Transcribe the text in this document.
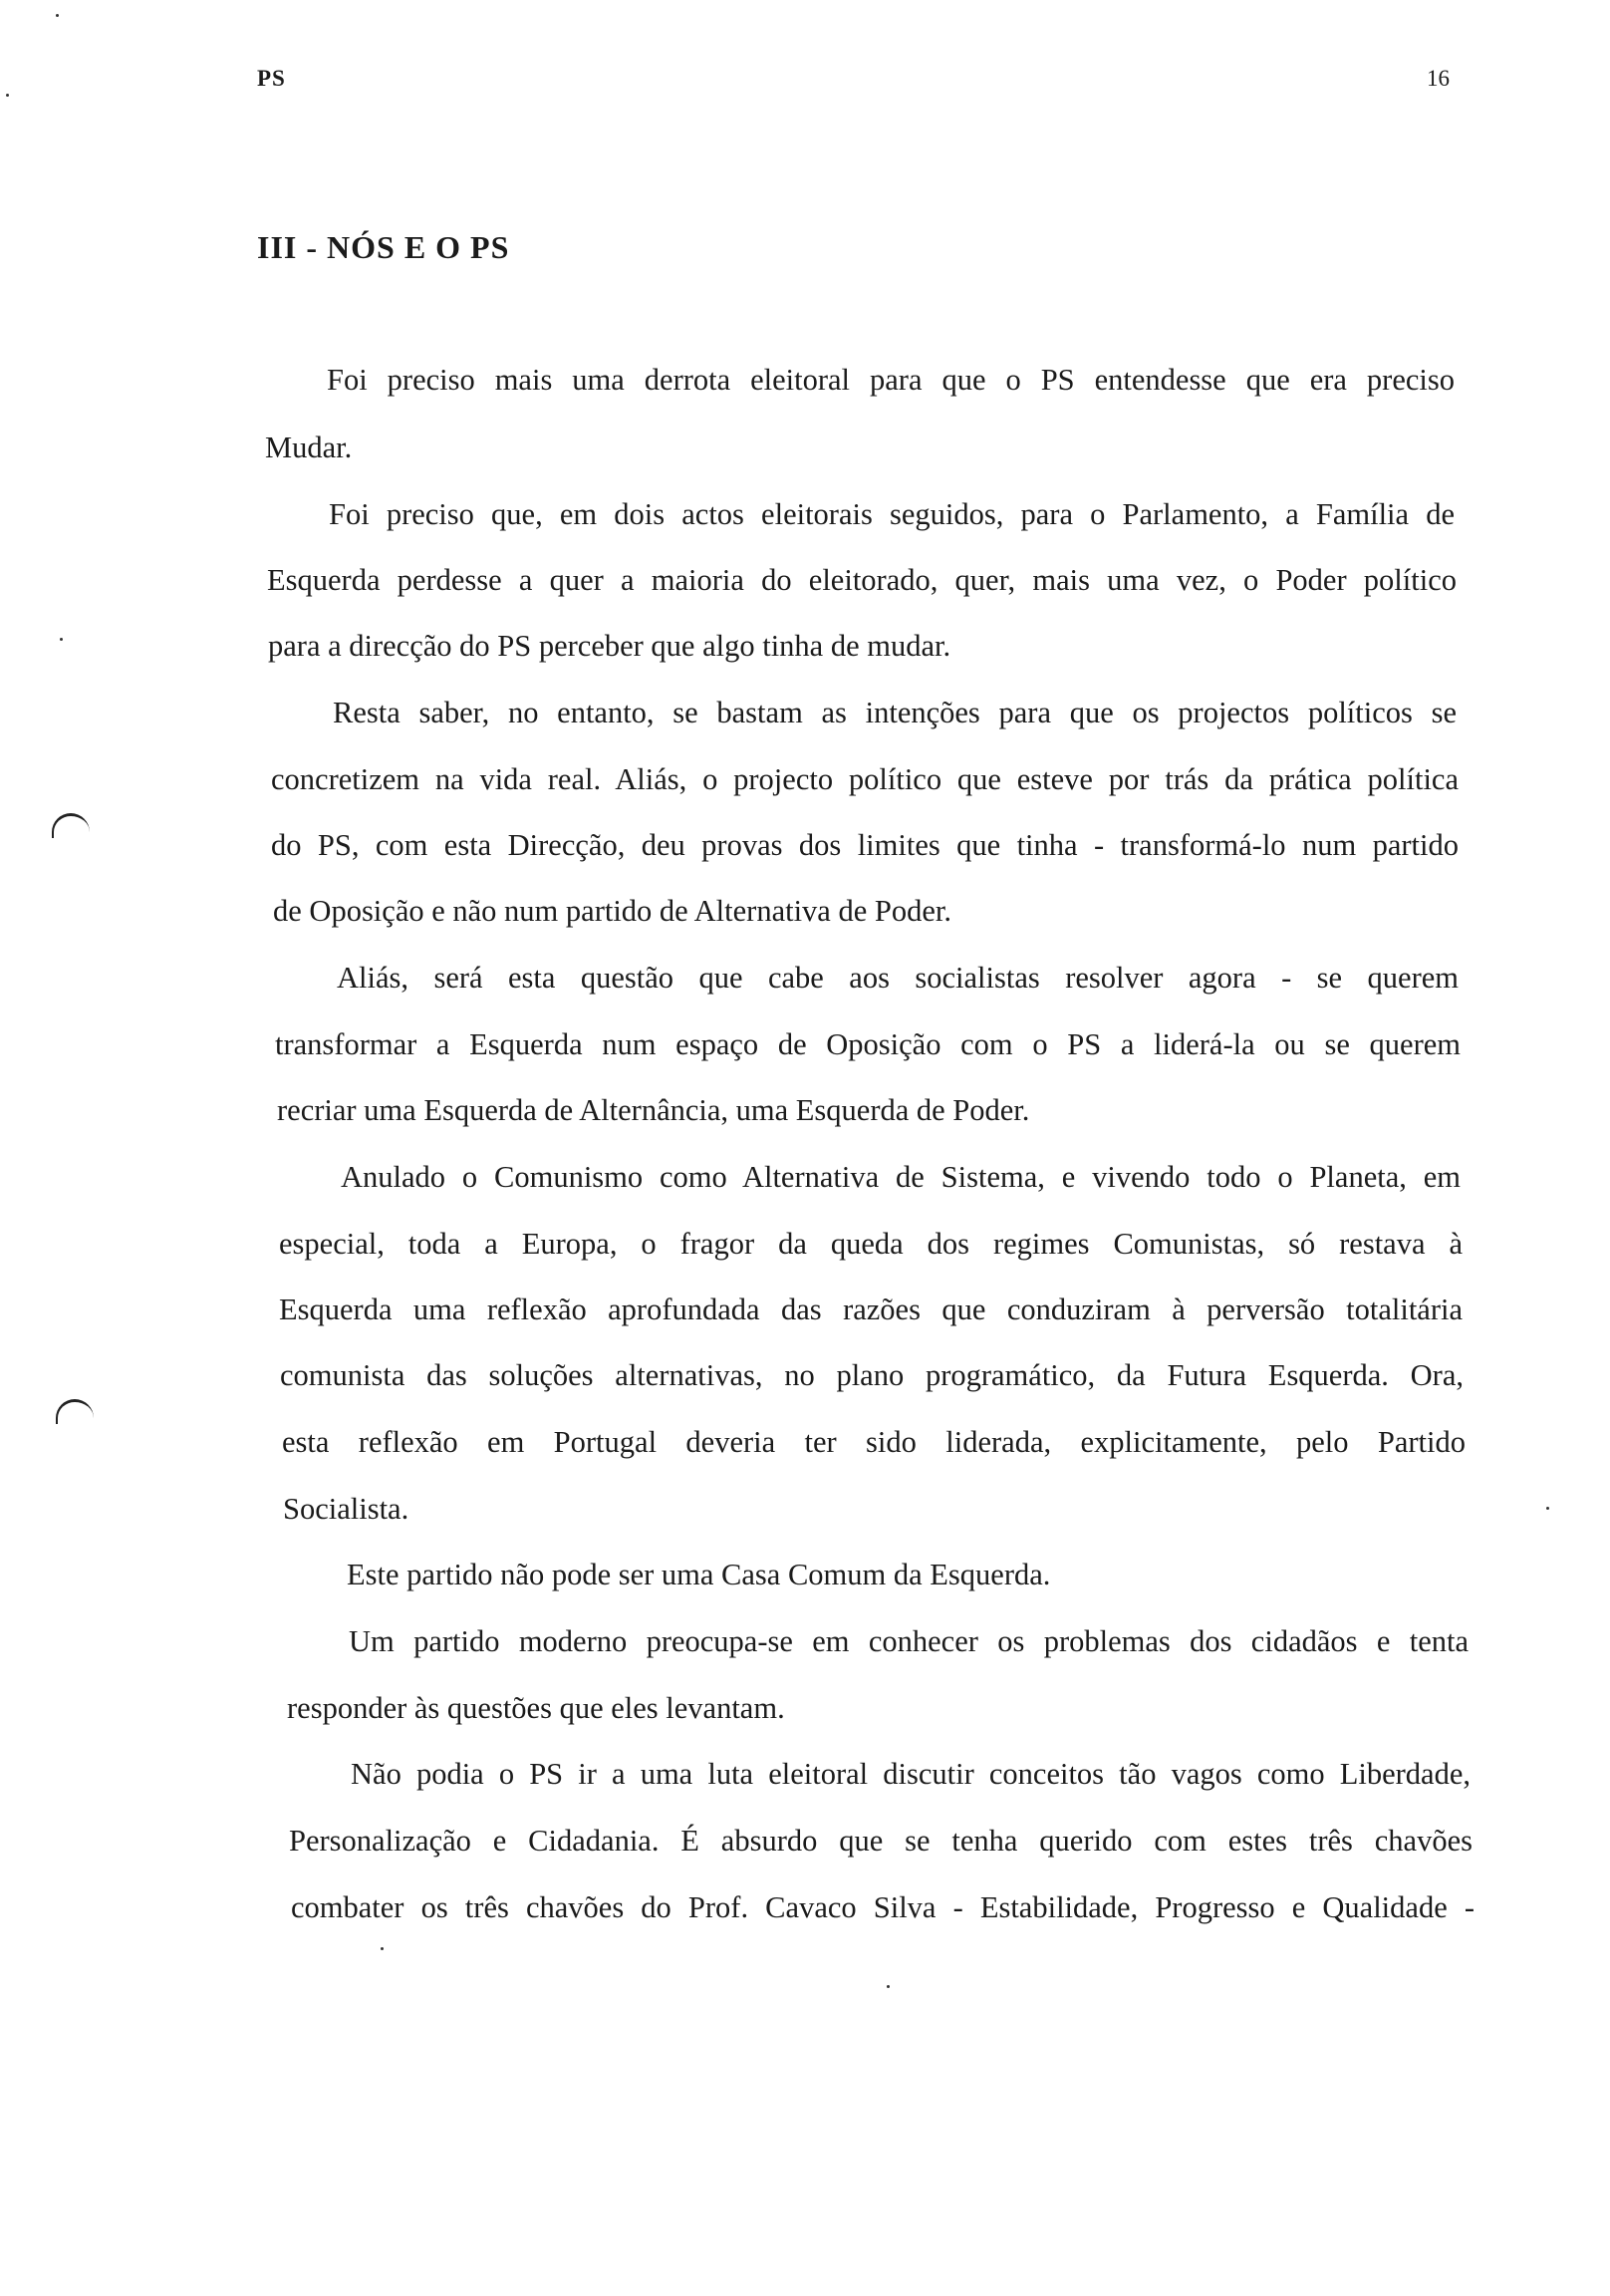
PS	16
III - NÓS E O PS
Foi preciso mais uma derrota eleitoral para que o PS entendesse que era preciso
Mudar.
Foi preciso que, em dois actos eleitorais seguidos, para o Parlamento, a Família de
Esquerda perdesse a quer a maioria do eleitorado, quer, mais uma vez, o Poder político
para a direcção do PS perceber que algo tinha de mudar.
Resta saber, no entanto, se bastam as intenções para que os projectos políticos se
concretizem na vida real. Aliás, o projecto político que esteve por trás da prática política
do PS, com esta Direcção, deu provas dos limites que tinha - transformá-lo num partido
de Oposição e não num partido de Alternativa de Poder.
Aliás, será esta questão que cabe aos socialistas resolver agora - se querem
transformar a Esquerda num espaço de Oposição com o PS a liderá-la ou se querem
recriar uma Esquerda de Alternância, uma Esquerda de Poder.
Anulado o Comunismo como Alternativa de Sistema, e vivendo todo o Planeta, em
especial, toda a Europa, o fragor da queda dos regimes Comunistas, só restava à
Esquerda uma reflexão aprofundada das razões que conduziram à perversão totalitária
comunista das soluções alternativas, no plano programático, da Futura Esquerda. Ora,
esta reflexão em Portugal deveria ter sido liderada, explicitamente, pelo Partido
Socialista.
Este partido não pode ser uma Casa Comum da Esquerda.
Um partido moderno preocupa-se em conhecer os problemas dos cidadãos e tenta
responder às questões que eles levantam.
Não podia o PS ir a uma luta eleitoral discutir conceitos tão vagos como Liberdade,
Personalização e Cidadania. É absurdo que se tenha querido com estes três chavões
combater os três chavões do Prof. Cavaco Silva - Estabilidade, Progresso e Qualidade -
